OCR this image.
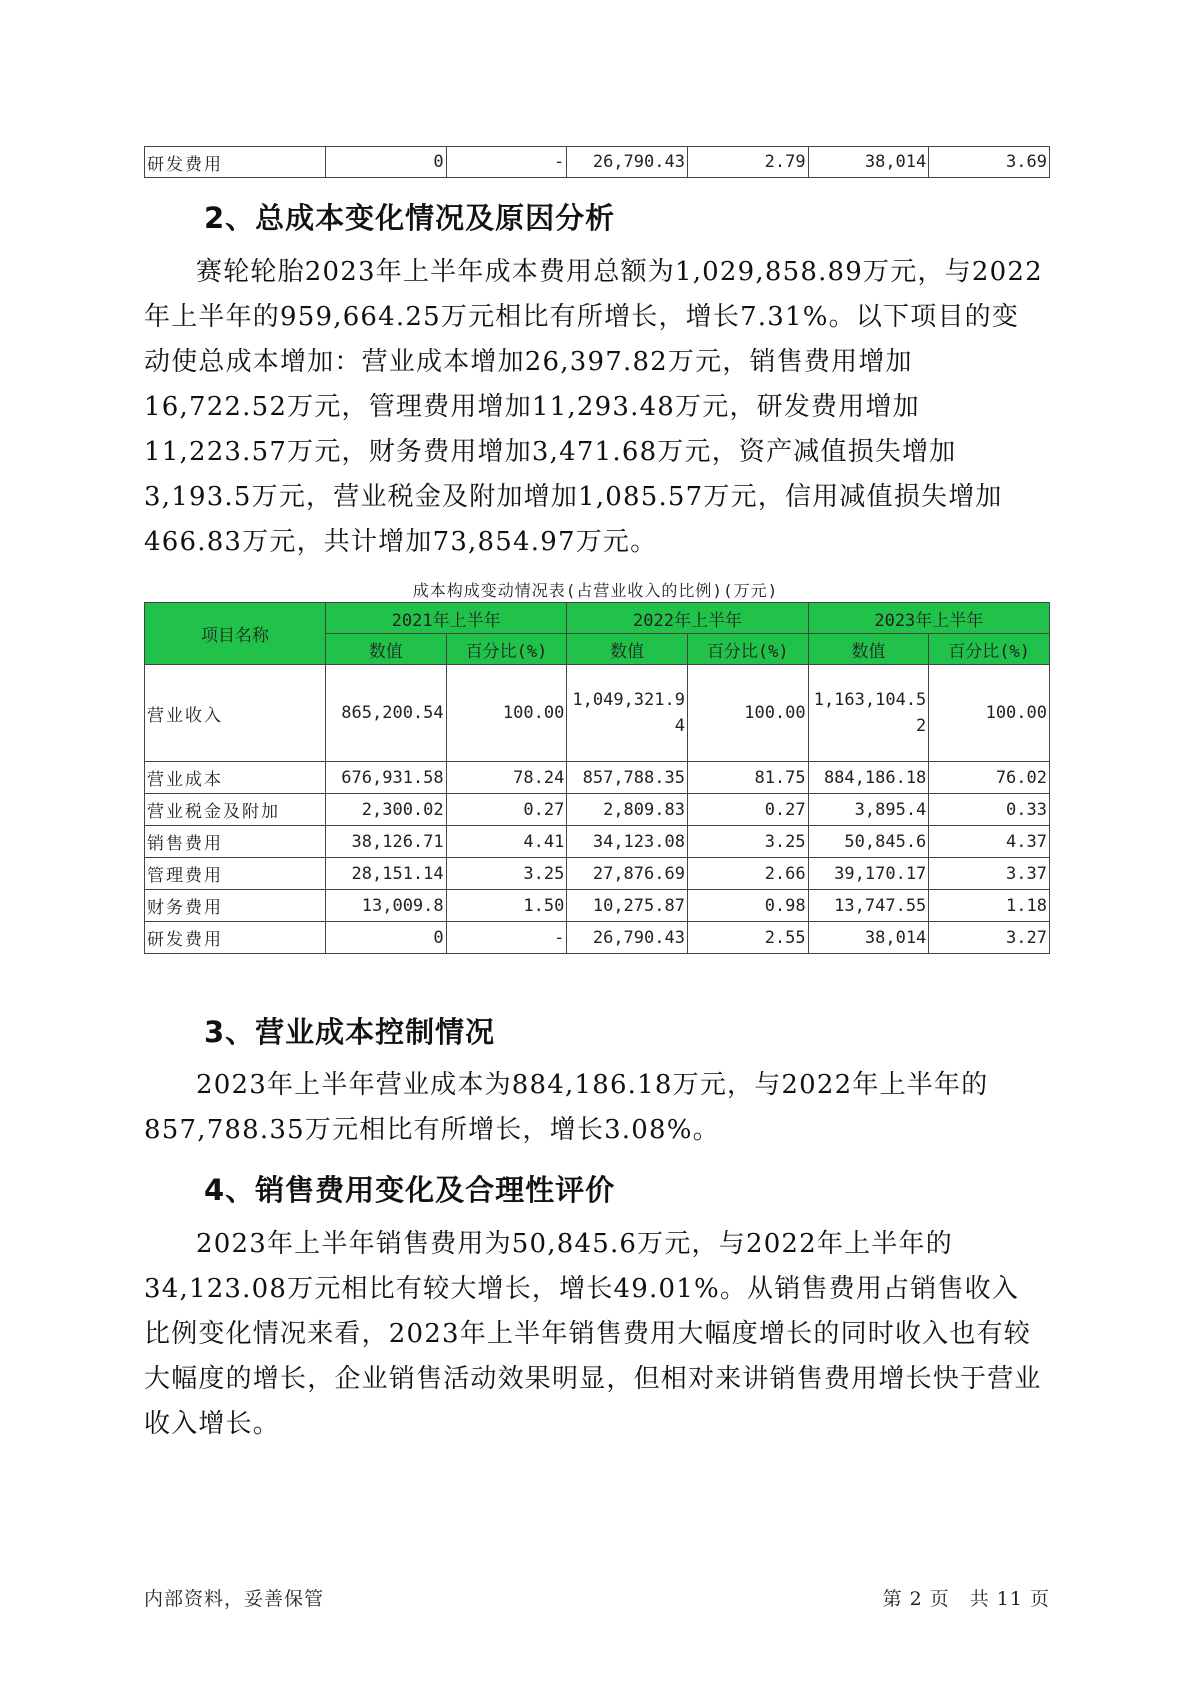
研发费用	0	-	26,790.43	2.79	38,014	3.69
2、总成本变化情况及原因分析

赛轮轮胎2023年上半年成本费用总额为1,029,858.89万元，与2022年上半年的959,664.25万元相比有所增长，增长7.31%。以下项目的变动使总成本增加：营业成本增加26,397.82万元，销售费用增加16,722.52万元，管理费用增加11,293.48万元，研发费用增加11,223.57万元，财务费用增加3,471.68万元，资产减值损失增加3,193.5万元，营业税金及附加增加1,085.57万元，信用减值损失增加466.83万元，共计增加73,854.97万元。

成本构成变动情况表(占营业收入的比例)(万元)
项目名称	2021年上半年		2022年上半年		2023年上半年	
	数值	百分比(%)	数值	百分比(%)	数值	百分比(%)
营业收入	865,200.54	100.00	1,049,321.94	100.00	1,163,104.52	100.00
营业成本	676,931.58	78.24	857,788.35	81.75	884,186.18	76.02
营业税金及附加	2,300.02	0.27	2,809.83	0.27	3,895.4	0.33
销售费用	38,126.71	4.41	34,123.08	3.25	50,845.6	4.37
管理费用	28,151.14	3.25	27,876.69	2.66	39,170.17	3.37
财务费用	13,009.8	1.50	10,275.87	0.98	13,747.55	1.18
研发费用	0	-	26,790.43	2.55	38,014	3.27
3、营业成本控制情况

2023年上半年营业成本为884,186.18万元，与2022年上半年的857,788.35万元相比有所增长，增长3.08%。

4、销售费用变化及合理性评价

2023年上半年销售费用为50,845.6万元，与2022年上半年的34,123.08万元相比有较大增长，增长49.01%。从销售费用占销售收入比例变化情况来看，2023年上半年销售费用大幅度增长的同时收入也有较大幅度的增长，企业销售活动效果明显，但相对来讲销售费用增长快于营业收入增长。

内部资料，妥善保管	第 2 页　共 11 页
